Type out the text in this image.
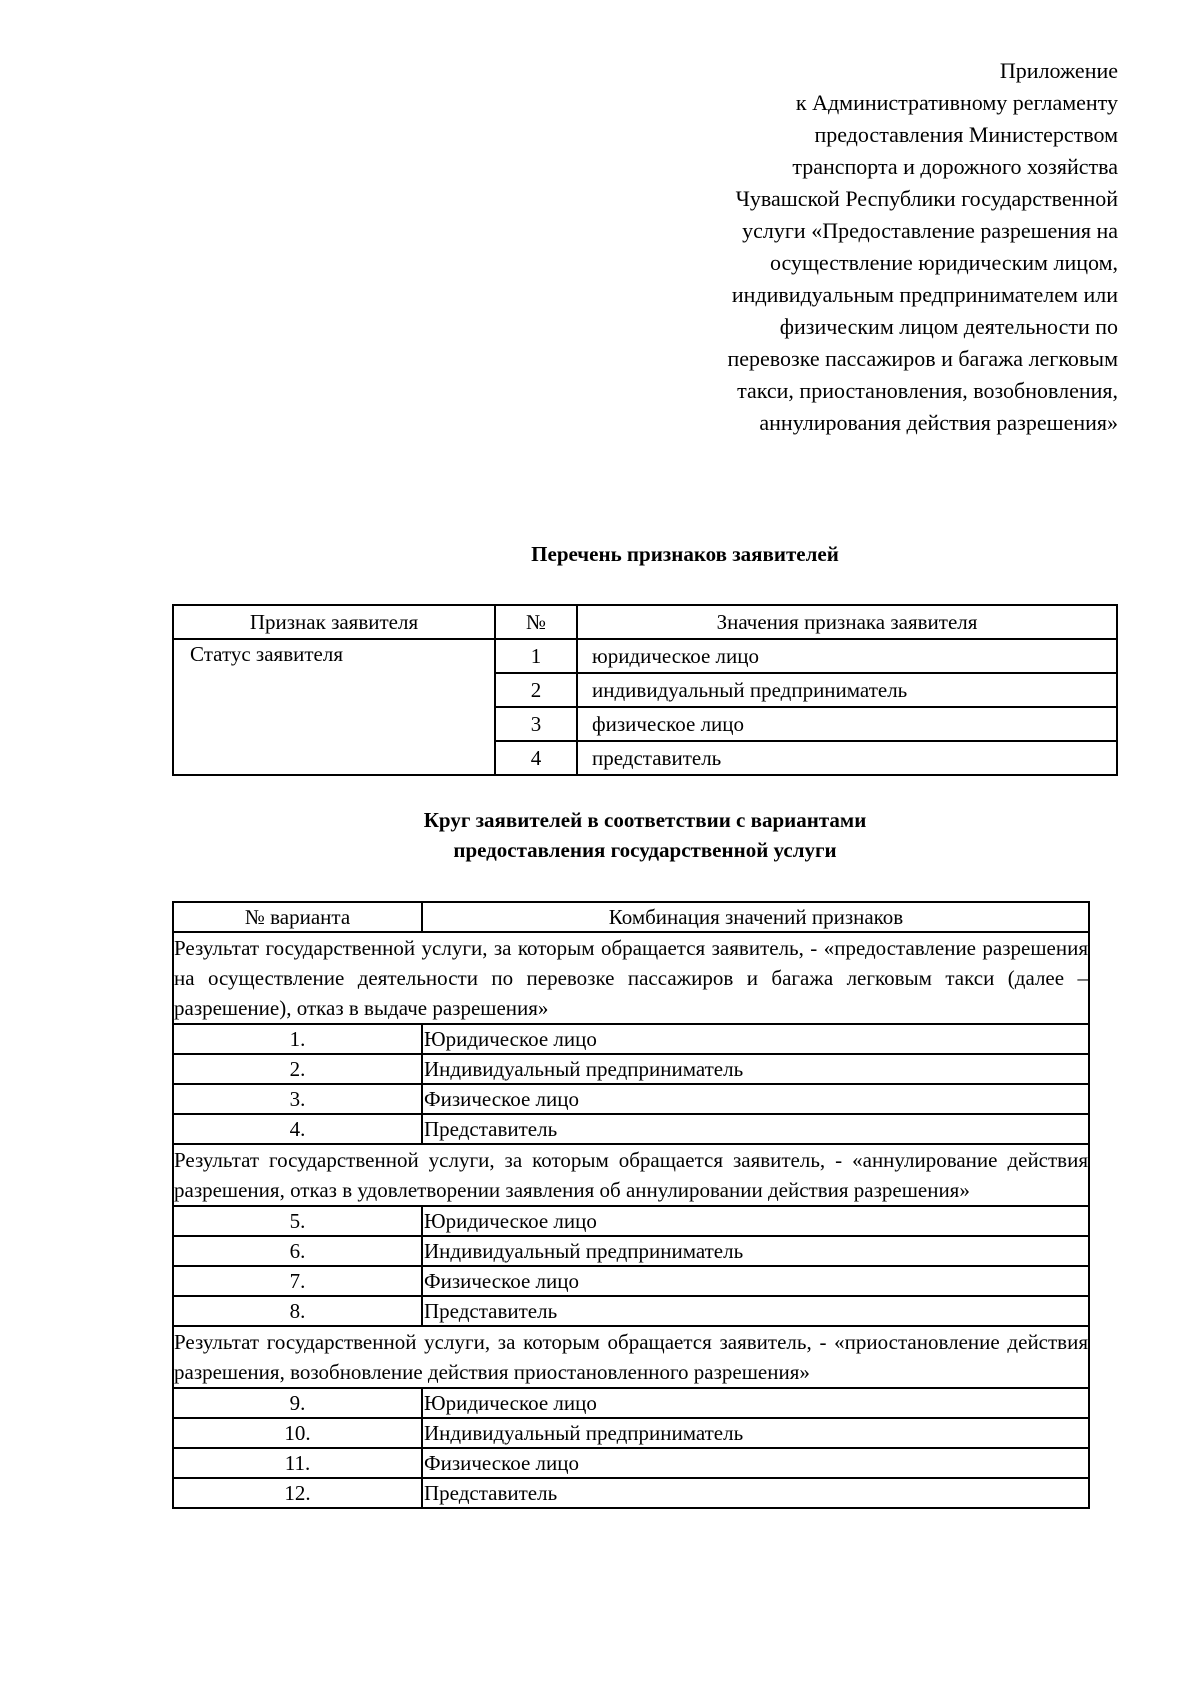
Приложение
к Административному регламенту
предоставления Министерством
транспорта и дорожного хозяйства
Чувашской Республики государственной
услуги «Предоставление разрешения на
осуществление юридическим лицом,
индивидуальным предпринимателем или
физическим лицом деятельности по
перевозке пассажиров и багажа легковым
такси, приостановления, возобновления,
аннулирования действия разрешения»
Перечень признаков заявителей
Признак заявителя	№	Значения признака заявителя
Статус заявителя	1	юридическое лицо
	2	индивидуальный предприниматель
	3	физическое лицо
	4	представитель
Круг заявителей в соответствии с вариантами
предоставления государственной услуги
№ варианта	Комбинация значений признаков
Результат государственной услуги, за которым обращается заявитель, - «предоставление разрешения на осуществление деятельности по перевозке пассажиров и багажа легковым такси (далее – разрешение), отказ в выдаче разрешения»	
1.	Юридическое лицо
2.	Индивидуальный предприниматель
3.	Физическое лицо
4.	Представитель
Результат государственной услуги, за которым обращается заявитель, - «аннулирование действия разрешения, отказ в удовлетворении заявления об аннулировании действия разрешения»	
5.	Юридическое лицо
6.	Индивидуальный предприниматель
7.	Физическое лицо
8.	Представитель
Результат государственной услуги, за которым обращается заявитель, - «приостановление действия разрешения, возобновление действия приостановленного разрешения»	
9.	Юридическое лицо
10.	Индивидуальный предприниматель
11.	Физическое лицо
12.	Представитель
